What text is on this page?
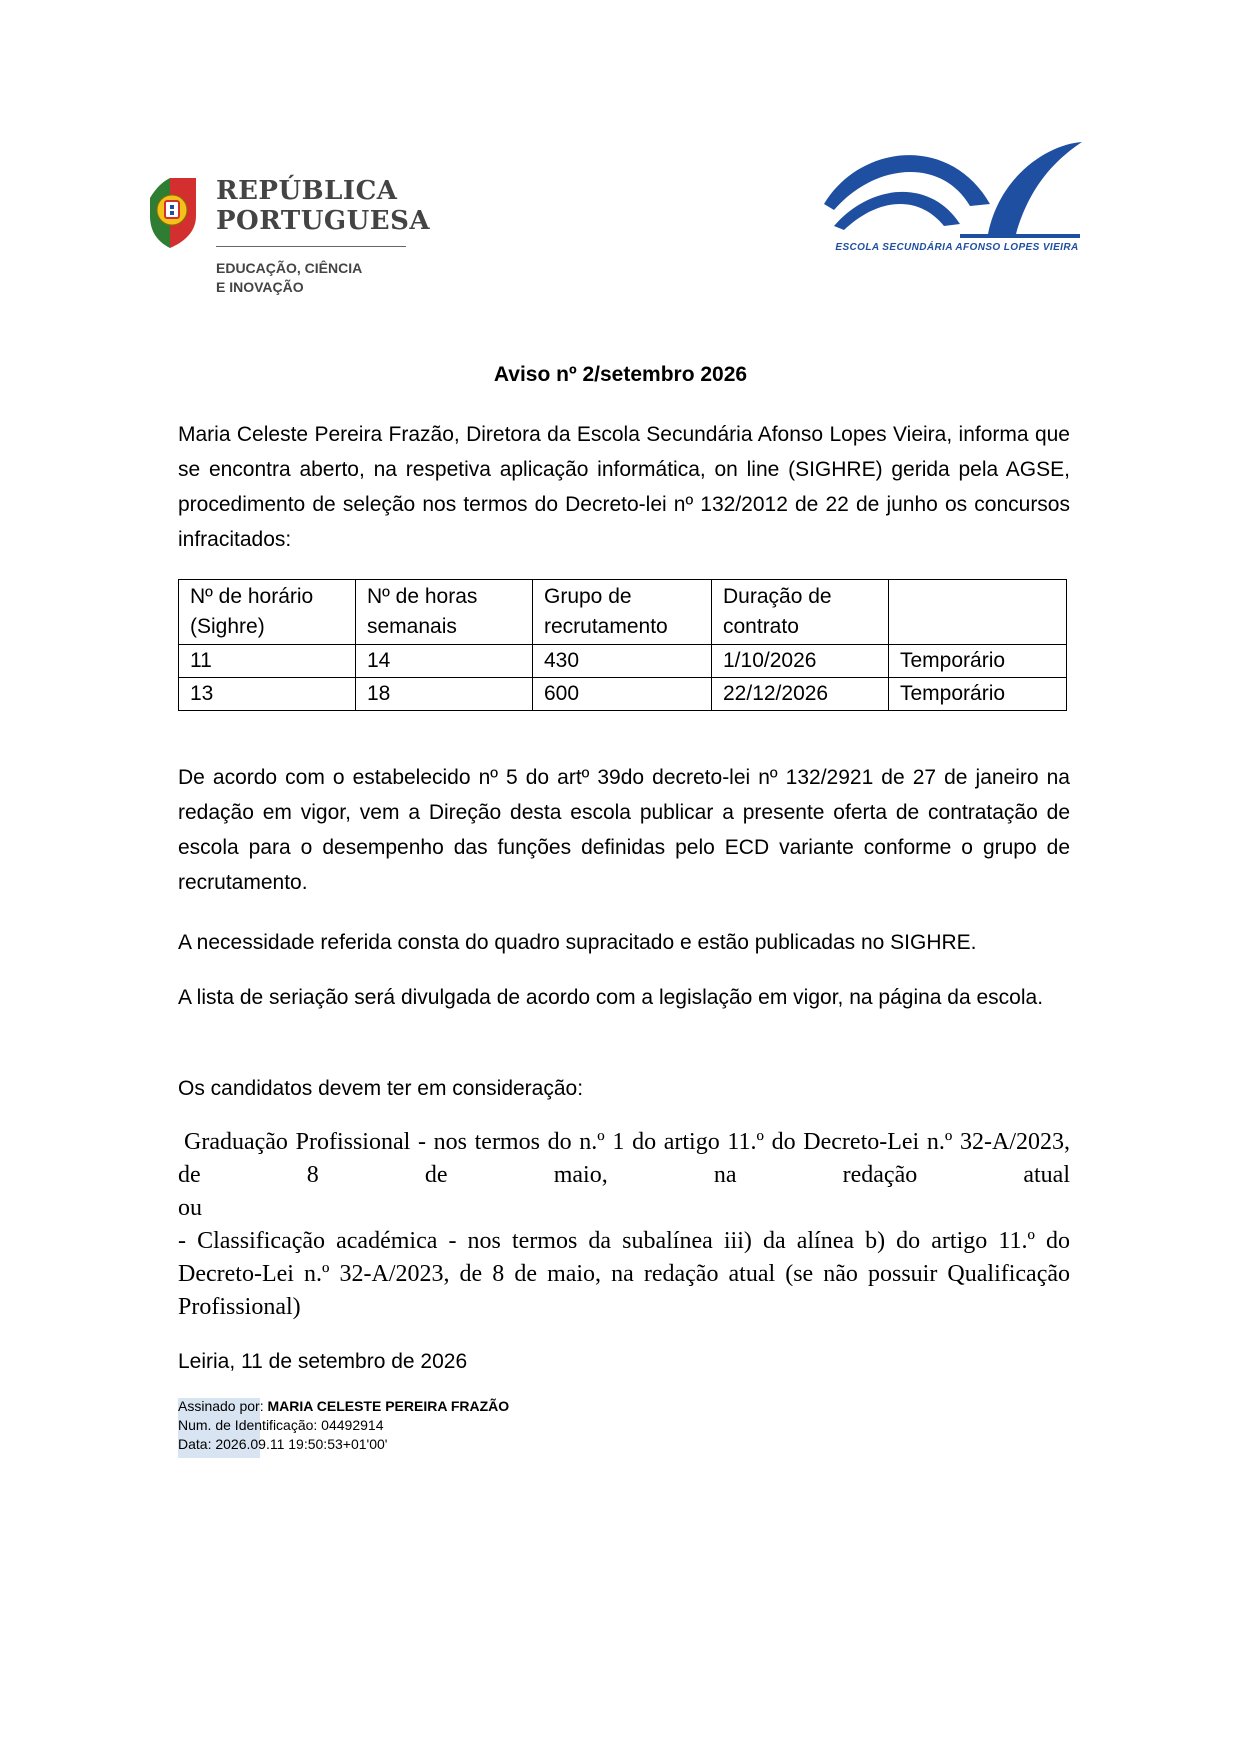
REPÚBLICA
PORTUGUESA
EDUCAÇÃO, CIÊNCIA
E INOVAÇÃO
ESCOLA SECUNDÁRIA AFONSO LOPES VIEIRA
Aviso nº 2/setembro 2026
Maria Celeste Pereira Frazão, Diretora da Escola Secundária Afonso Lopes Vieira, informa que se encontra aberto, na respetiva aplicação informática, on line (SIGHRE) gerida pela AGSE, procedimento de seleção nos termos do Decreto-lei nº 132/2012 de 22 de junho os concursos infracitados:
Nº de horário (Sighre)	Nº de horas semanais	Grupo de recrutamento	Duração de contrato	
11	14	430	1/10/2026	Temporário
13	18	600	22/12/2026	Temporário
De acordo com o estabelecido nº 5 do artº 39do decreto-lei nº 132/2921 de 27 de janeiro na redação em vigor, vem a Direção desta escola publicar a presente oferta de contratação de escola para o desempenho das funções definidas pelo ECD variante conforme o grupo de recrutamento.
A necessidade referida consta do quadro supracitado e estão publicadas no SIGHRE.
A lista de seriação será divulgada de acordo com a legislação em vigor, na página da escola.
Os candidatos devem ter em consideração:
Graduação Profissional - nos termos do n.º 1 do artigo 11.º do Decreto-Lei n.º 32-A/2023,
de 8 de maio, na redação atual
ou
- Classificação académica - nos termos da subalínea iii) da alínea b) do artigo 11.º do Decreto-Lei n.º 32-A/2023, de 8 de maio, na redação atual (se não possuir Qualificação Profissional)
Leiria, 11 de setembro de 2026
Assinado por: MARIA CELESTE PEREIRA FRAZÃO
Num. de Identificação: 04492914
Data: 2026.09.11 19:50:53+01'00'
